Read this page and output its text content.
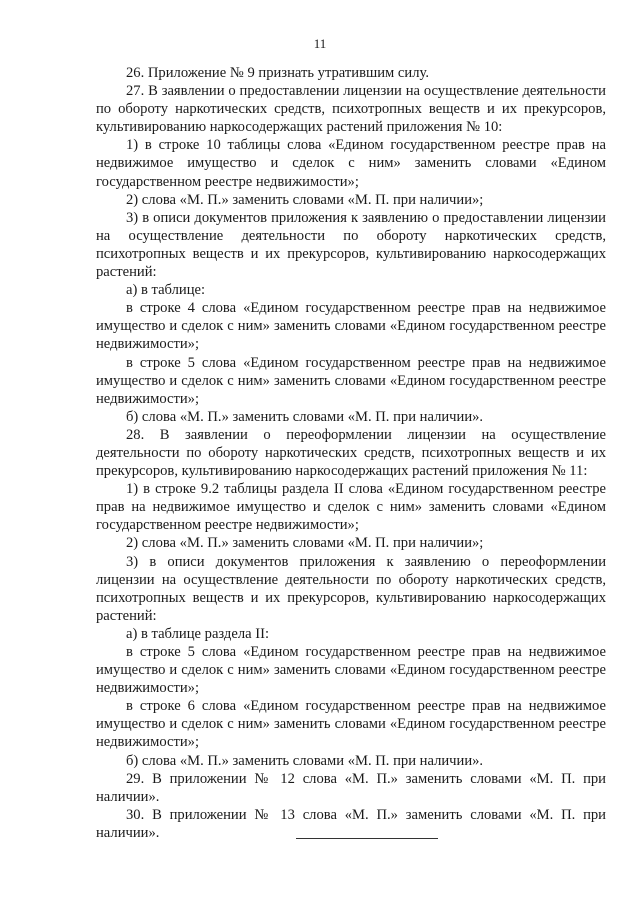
11

26. Приложение № 9 признать утратившим силу.

27. В заявлении о предоставлении лицензии на осуществление деятельности по обороту наркотических средств, психотропных веществ и их прекурсоров, культивированию наркосодержащих растений приложения № 10:

1) в строке 10 таблицы слова «Едином государственном реестре прав на недвижимое имущество и сделок с ним» заменить словами «Едином государственном реестре недвижимости»;

2) слова «М. П.» заменить словами «М. П. при наличии»;

3) в описи документов приложения к заявлению о предоставлении лицензии на осуществление деятельности по обороту наркотических средств, психотропных веществ и их прекурсоров, культивированию наркосодержащих растений:

а) в таблице:

в строке 4 слова «Едином государственном реестре прав на недвижимое имущество и сделок с ним» заменить словами «Едином государственном реестре недвижимости»;

в строке 5 слова «Едином государственном реестре прав на недвижимое имущество и сделок с ним» заменить словами «Едином государственном реестре недвижимости»;

б) слова «М. П.» заменить словами «М. П. при наличии».

28. В заявлении о переоформлении лицензии на осуществление деятельности по обороту наркотических средств, психотропных веществ и их прекурсоров, культивированию наркосодержащих растений приложения № 11:

1) в строке 9.2 таблицы раздела II слова «Едином государственном реестре прав на недвижимое имущество и сделок с ним» заменить словами «Едином государственном реестре недвижимости»;

2) слова «М. П.» заменить словами «М. П. при наличии»;

3) в описи документов приложения к заявлению о переоформлении лицензии на осуществление деятельности по обороту наркотических средств, психотропных веществ и их прекурсоров, культивированию наркосодержащих растений:

а) в таблице раздела II:

в строке 5 слова «Едином государственном реестре прав на недвижимое имущество и сделок с ним» заменить словами «Едином государственном реестре недвижимости»;

в строке 6 слова «Едином государственном реестре прав на недвижимое имущество и сделок с ним» заменить словами «Едином государственном реестре недвижимости»;

б) слова «М. П.» заменить словами «М. П. при наличии».

29. В приложении № 12 слова «М. П.» заменить словами «М. П. при наличии».

30. В приложении № 13 слова «М. П.» заменить словами «М. П. при наличии».
